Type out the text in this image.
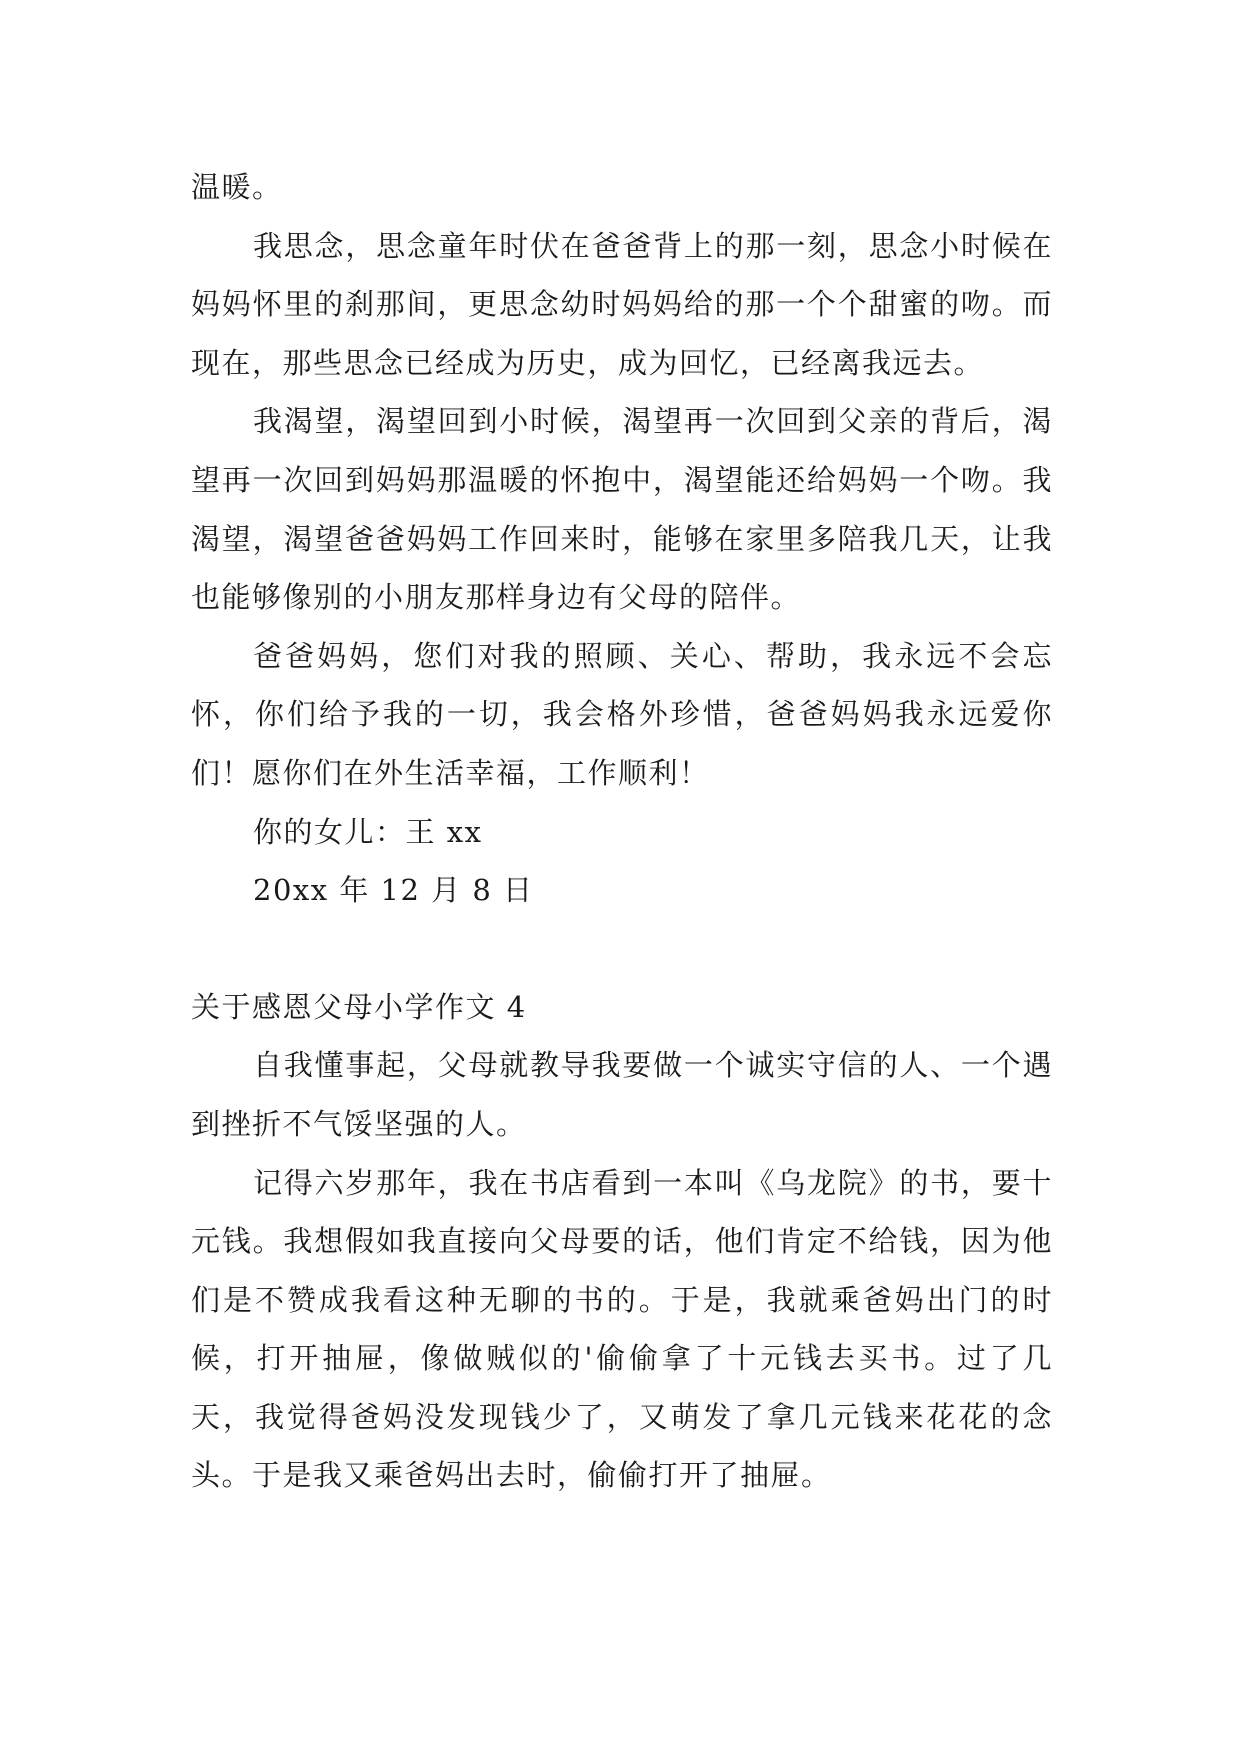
温暖。

我思念，思念童年时伏在爸爸背上的那一刻，思念小时候在妈妈怀里的刹那间，更思念幼时妈妈给的那一个个甜蜜的吻。而现在，那些思念已经成为历史，成为回忆，已经离我远去。

我渴望，渴望回到小时候，渴望再一次回到父亲的背后，渴望再一次回到妈妈那温暖的怀抱中，渴望能还给妈妈一个吻。我渴望，渴望爸爸妈妈工作回来时，能够在家里多陪我几天，让我也能够像别的小朋友那样身边有父母的陪伴。

爸爸妈妈，您们对我的照顾、关心、帮助，我永远不会忘怀，你们给予我的一切，我会格外珍惜，爸爸妈妈我永远爱你们！愿你们在外生活幸福，工作顺利！

你的女儿：王 xx

20xx 年 12 月 8 日

关于感恩父母小学作文 4

自我懂事起，父母就教导我要做一个诚实守信的人、一个遇到挫折不气馁坚强的人。

记得六岁那年，我在书店看到一本叫《乌龙院》的书，要十元钱。我想假如我直接向父母要的话，他们肯定不给钱，因为他们是不赞成我看这种无聊的书的。于是，我就乘爸妈出门的时候，打开抽屉，像做贼似的'偷偷拿了十元钱去买书。过了几天，我觉得爸妈没发现钱少了，又萌发了拿几元钱来花花的念头。于是我又乘爸妈出去时，偷偷打开了抽屉。
